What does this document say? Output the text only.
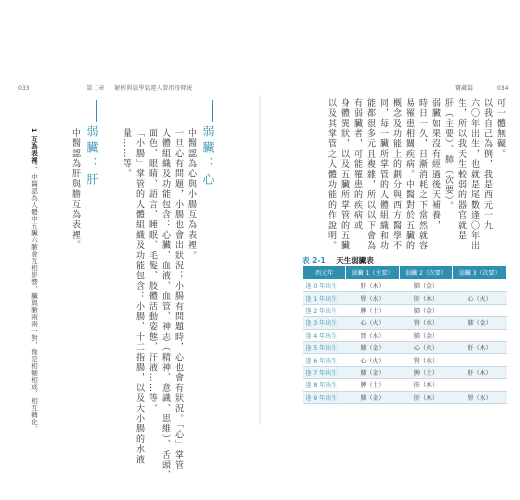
033	第二章 解析與氣學氣運人曾祖母傳統	寶藏篇	034
可一體無礙。
以我自己為例，我是西元一九
六〇年出生，也就是尾數逢〇年出
生，所以我天生較弱的器官就是
肝（主要）、肺（次要）。
弱臟如果沒有經過後天補養，
時日一久，日漸消耗之下當然就容
易罹患相關疾病。中醫對於五臟的
概念及功能上的劃分與西方醫學不
同，每一臟所掌管的人體組織和功
能都很多元且複雜，所以以下會為
有弱臟者，可能罹患的疾病或
身體異狀，以及五臟所掌管的五臟
以及其掌管之人體功能的作說明。
表 2-1 天生弱臟表
西元年	弱臟 1（主要）	弱臟 2（次要）	弱臟 3（次要）
逢 0 年出生	肝（木）	肺（金）	
逢 1 年出生	腎（水）	肝（木）	心（火）
逢 2 年出生	脾（土）	肺（金）	
逢 3 年出生	心（火）	腎（水）	肺（金）
逢 4 年出生	肾（水）	肺（金）	
逢 5 年出生	肺（金）	心（火）	肝（木）
逢 6 年出生	心（火）	腎（水）	
逢 7 年出生	肺（金）	脾（土）	肝（木）
逢 8 年出生	脾（土）	肝（木）	
逢 9 年出生	肺（金）	肝（木）	腎（水）
弱臟：心
中醫認為心與小腸互為表裡。
一旦心有問題，小腸也會出狀況；小腸有問題時，心也會有狀況。「心」掌管
人體組織及功能包含：心臟、血液、血管、神志（精神、意識、思維）、舌頭、
面色、眼睛、語言、睡眠、毛髮、肢體活動姿態、汗液……等。
「小腸」掌管的人體組織及功能包含：小腸、十二指腸，以及大小腸的水液
量……等。
弱臟：肝
中醫認為肝與膽互為表裡。
1 互為表裡： 中醫認為人體中五臟六腑會互相影響，臟與腑兩兩一對，像是相輔相成、相互轉化。
